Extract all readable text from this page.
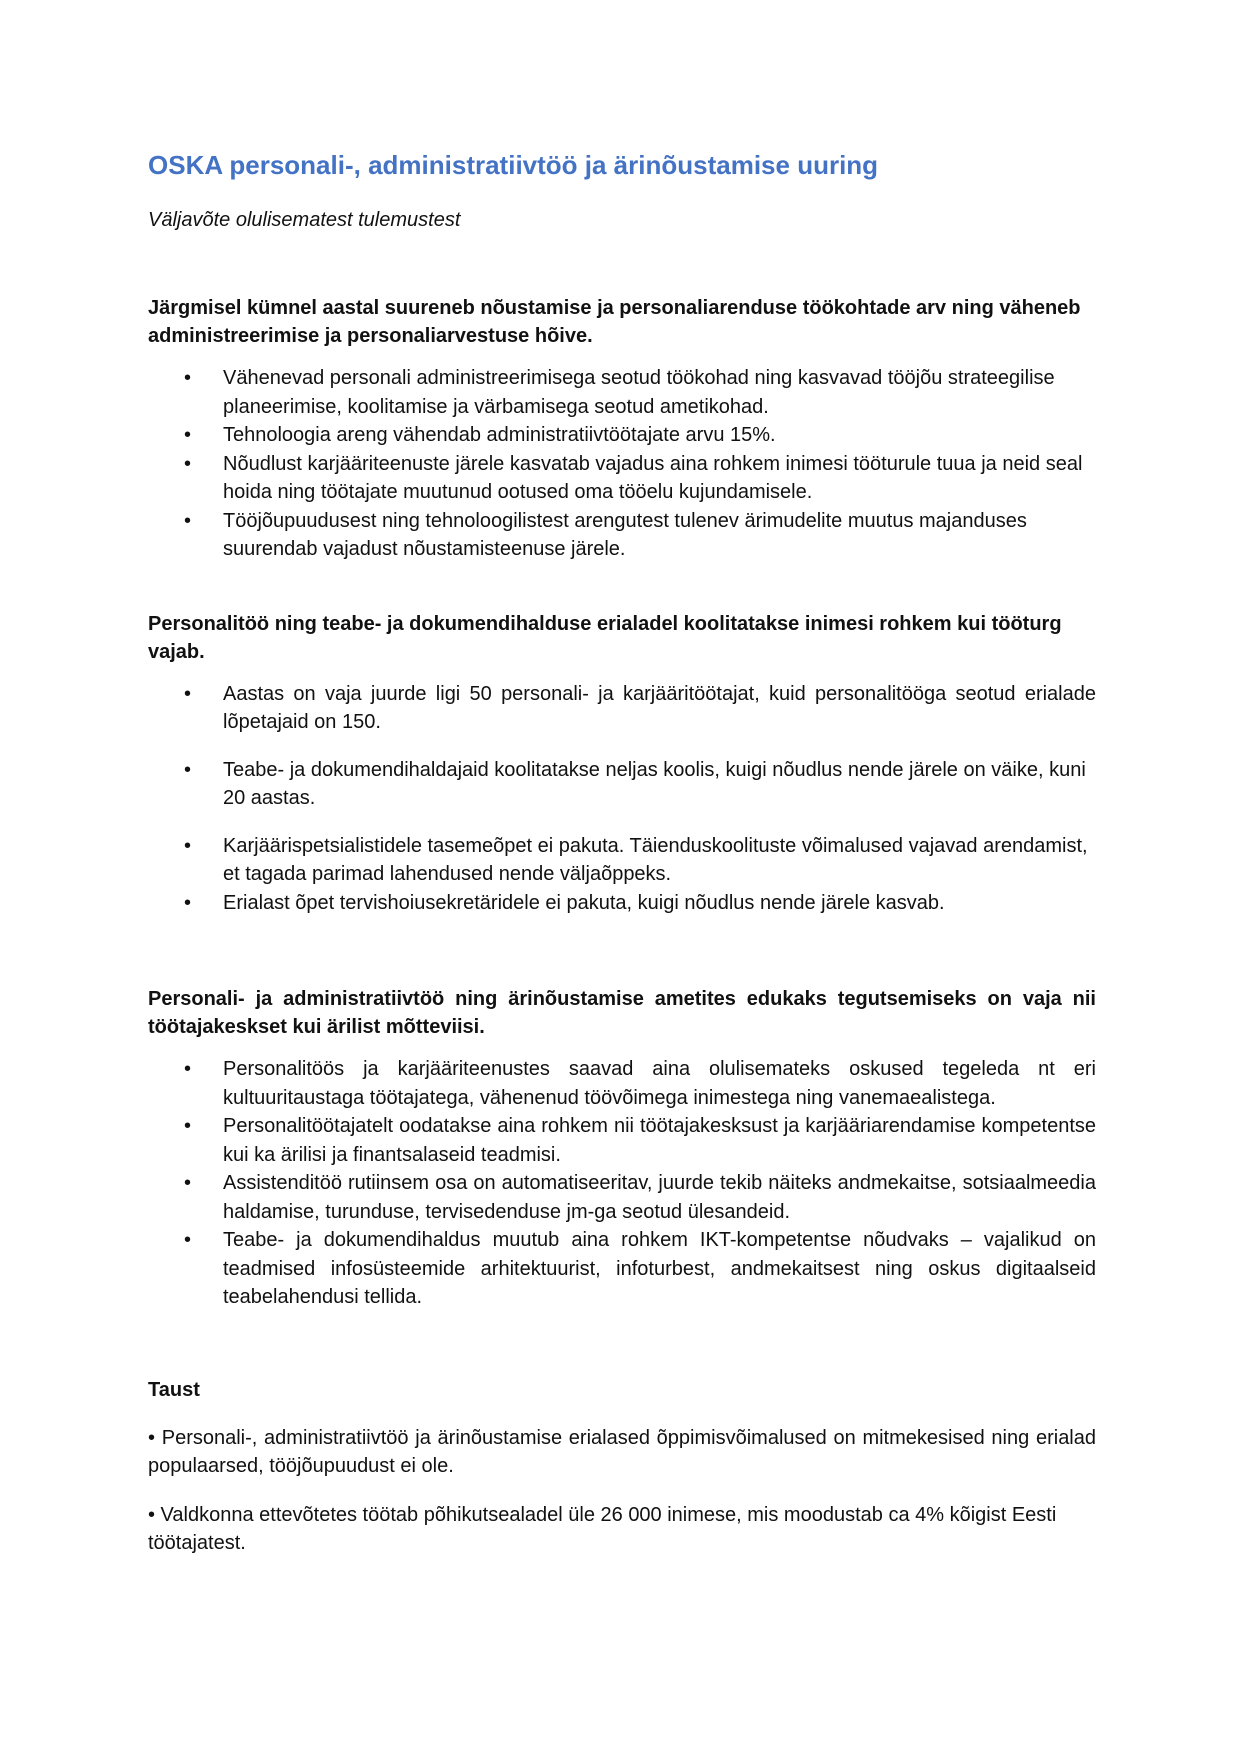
OSKA personali-, administratiivtöö ja ärinõustamise uuring

Väljavõte olulisematest tulemustest

Järgmisel kümnel aastal suureneb nõustamise ja personaliarenduse töökohtade arv ning väheneb administreerimise ja personaliarvestuse hõive.

• Vähenevad personali administreerimisega seotud töökohad ning kasvavad tööjõu strateegilise planeerimise, koolitamise ja värbamisega seotud ametikohad.
• Tehnoloogia areng vähendab administratiivtöötajate arvu 15%.
• Nõudlust karjääriteenuste järele kasvatab vajadus aina rohkem inimesi tööturule tuua ja neid seal hoida ning töötajate muutunud ootused oma tööelu kujundamisele.
• Tööjõupuudusest ning tehnoloogilistest arengutest tulenev ärimudelite muutus majanduses suurendab vajadust nõustamisteenuse järele.

Personalitöö ning teabe- ja dokumendihalduse erialadel koolitatakse inimesi rohkem kui tööturg vajab.

• Aastas on vaja juurde ligi 50 personali- ja karjääritöötajat, kuid personalitööga seotud erialade lõpetajaid on 150.
• Teabe- ja dokumendihaldajaid koolitatakse neljas koolis, kuigi nõudlus nende järele on väike, kuni 20 aastas.
• Karjäärispetsialistidele tasemeõpet ei pakuta. Täienduskoolituste võimalused vajavad arendamist, et tagada parimad lahendused nende väljaõppeks.
• Erialast õpet tervishoiusekretäridele ei pakuta, kuigi nõudlus nende järele kasvab.

Personali- ja administratiivtöö ning ärinõustamise ametites edukaks tegutsemiseks on vaja nii töötajakeskset kui ärilist mõtteviisi.

• Personalitöös ja karjääriteenustes saavad aina olulisemateks oskused tegeleda nt eri kultuuritaustaga töötajatega, vähenenud töövõimega inimestega ning vanemaealistega.
• Personalitöötajatelt oodatakse aina rohkem nii töötajakesksust ja karjääriarendamise kompetentse kui ka ärilisi ja finantsalaseid teadmisi.
• Assistenditöö rutiinsem osa on automatiseeritav, juurde tekib näiteks andmekaitse, sotsiaalmeedia haldamise, turunduse, tervisedenduse jm-ga seotud ülesandeid.
• Teabe- ja dokumendihaldus muutub aina rohkem IKT-kompetentse nõudvaks – vajalikud on teadmised infosüsteemide arhitektuurist, infoturbest, andmekaitsest ning oskus digitaalseid teabelahendusi tellida.

Taust

• Personali-, administratiivtöö ja ärinõustamise erialased õppimisvõimalused on mitmekesised ning erialad populaarsed, tööjõupuudust ei ole.

• Valdkonna ettevõtetes töötab põhikutsealadel üle 26 000 inimese, mis moodustab ca 4% kõigist Eesti töötajatest.
